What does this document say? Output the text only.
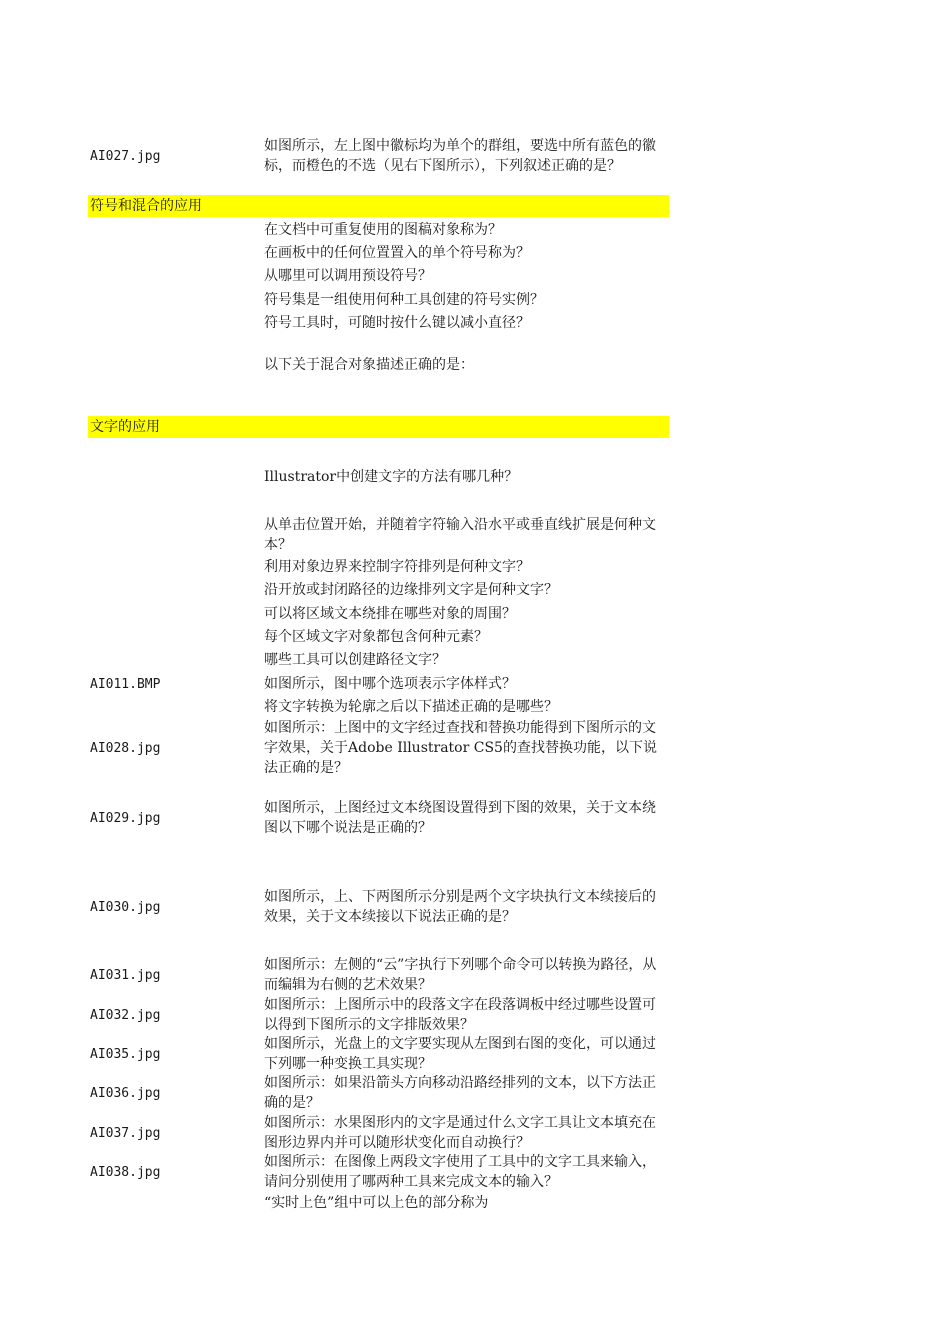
AI027.jpg
如图所示，左上图中徽标均为单个的群组，要选中所有蓝色的徽标，而橙色的不选（见右下图所示），下列叙述正确的是？
符号和混合的应用
在文档中可重复使用的图稿对象称为？
在画板中的任何位置置入的单个符号称为？
从哪里可以调用预设符号？
符号集是一组使用何种工具创建的符号实例？
符号工具时，可随时按什么键以减小直径？
以下关于混合对象描述正确的是：
文字的应用
Illustrator中创建文字的方法有哪几种？
从单击位置开始，并随着字符输入沿水平或垂直线扩展是何种文本？
利用对象边界来控制字符排列是何种文字？
沿开放或封闭路径的边缘排列文字是何种文字？
可以将区域文本绕排在哪些对象的周围？
每个区域文字对象都包含何种元素？
哪些工具可以创建路径文字？
AI011.BMP	如图所示，图中哪个选项表示字体样式？
将文字转换为轮廓之后以下描述正确的是哪些？
AI028.jpg
如图所示：上图中的文字经过查找和替换功能得到下图所示的文字效果，关于Adobe Illustrator CS5的查找替换功能，以下说法正确的是？
AI029.jpg
如图所示，上图经过文本绕图设置得到下图的效果，关于文本绕图以下哪个说法是正确的？
AI030.jpg
如图所示，上、下两图所示分别是两个文字块执行文本续接后的效果，关于文本续接以下说法正确的是？
AI031.jpg
如图所示：左侧的“云”字执行下列哪个命令可以转换为路径，从而编辑为右侧的艺术效果？
AI032.jpg
如图所示：上图所示中的段落文字在段落调板中经过哪些设置可以得到下图所示的文字排版效果？
AI035.jpg
如图所示，光盘上的文字要实现从左图到右图的变化，可以通过下列哪一种变换工具实现？
AI036.jpg
如图所示：如果沿箭头方向移动沿路经排列的文本，以下方法正确的是？
AI037.jpg
如图所示：水果图形内的文字是通过什么文字工具让文本填充在图形边界内并可以随形状变化而自动换行？
AI038.jpg
如图所示：在图像上两段文字使用了工具中的文字工具来输入，请问分别使用了哪两种工具来完成文本的输入？
“实时上色”组中可以上色的部分称为
